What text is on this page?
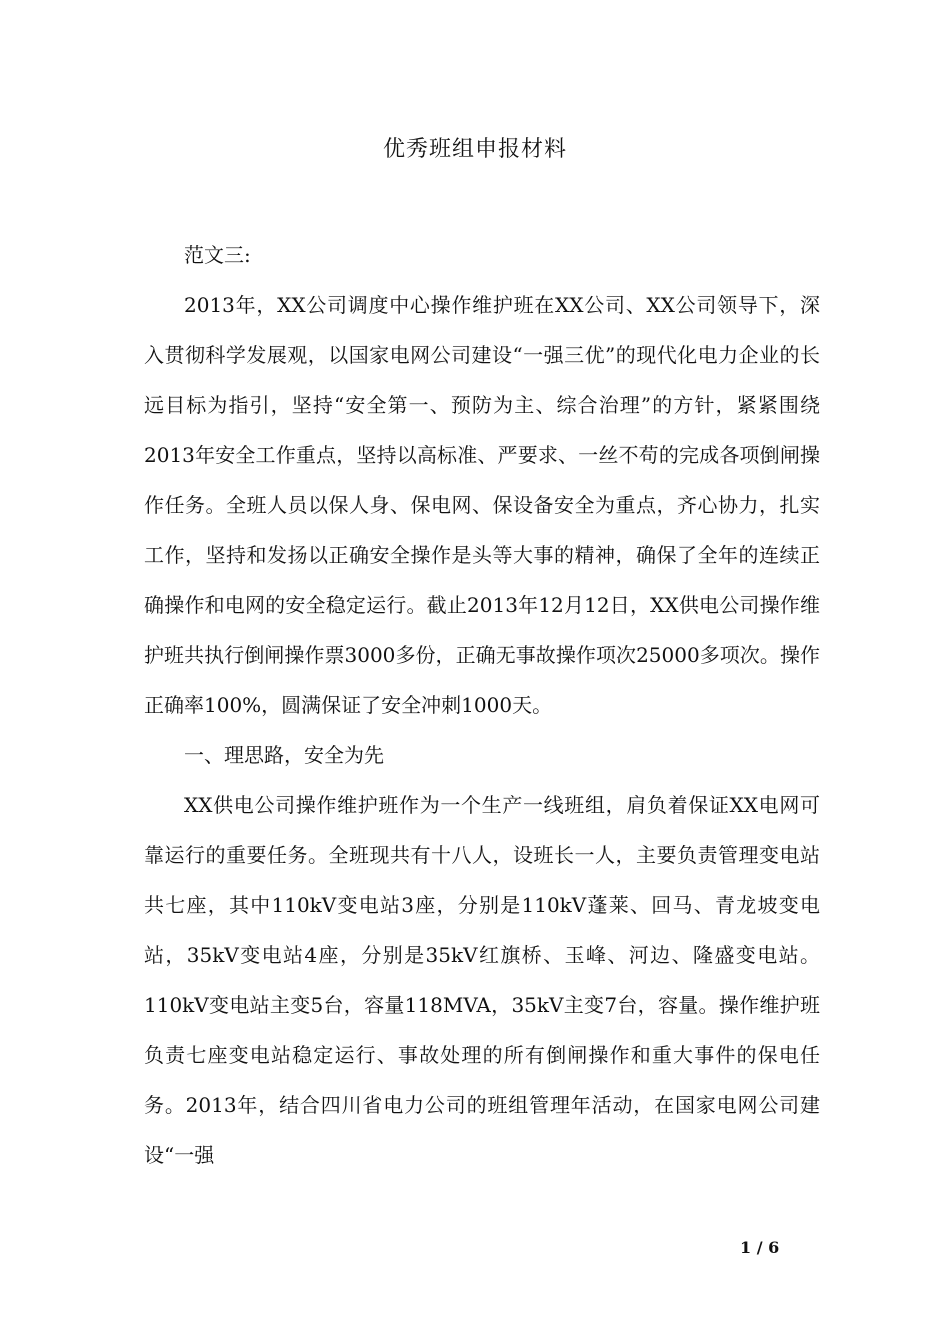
优秀班组申报材料

范文三:

2013年，XX公司调度中心操作维护班在XX公司、XX公司领导下，深入贯彻科学发展观，以国家电网公司建设“一强三优”的现代化电力企业的长远目标为指引，坚持“安全第一、预防为主、综合治理”的方针，紧紧围绕2013年安全工作重点，坚持以高标准、严要求、一丝不苟的完成各项倒闸操作任务。全班人员以保人身、保电网、保设备安全为重点，齐心协力，扎实工作，坚持和发扬以正确安全操作是头等大事的精神，确保了全年的连续正确操作和电网的安全稳定运行。截止2013年12月12日，XX供电公司操作维护班共执行倒闸操作票3000多份，正确无事故操作项次25000多项次。操作正确率100%，圆满保证了安全冲刺1000天。

一、理思路，安全为先

XX供电公司操作维护班作为一个生产一线班组，肩负着保证XX电网可靠运行的重要任务。全班现共有十八人，设班长一人，主要负责管理变电站共七座，其中110kV变电站3座，分别是110kV蓬莱、回马、青龙坡变电站，35kV变电站4座，分别是35kV红旗桥、玉峰、河边、隆盛变电站。110kV变电站主变5台，容量118MVA，35kV主变7台，容量。操作维护班负责七座变电站稳定运行、事故处理的所有倒闸操作和重大事件的保电任务。2013年，结合四川省电力公司的班组管理年活动，在国家电网公司建设“一强

1 / 6
